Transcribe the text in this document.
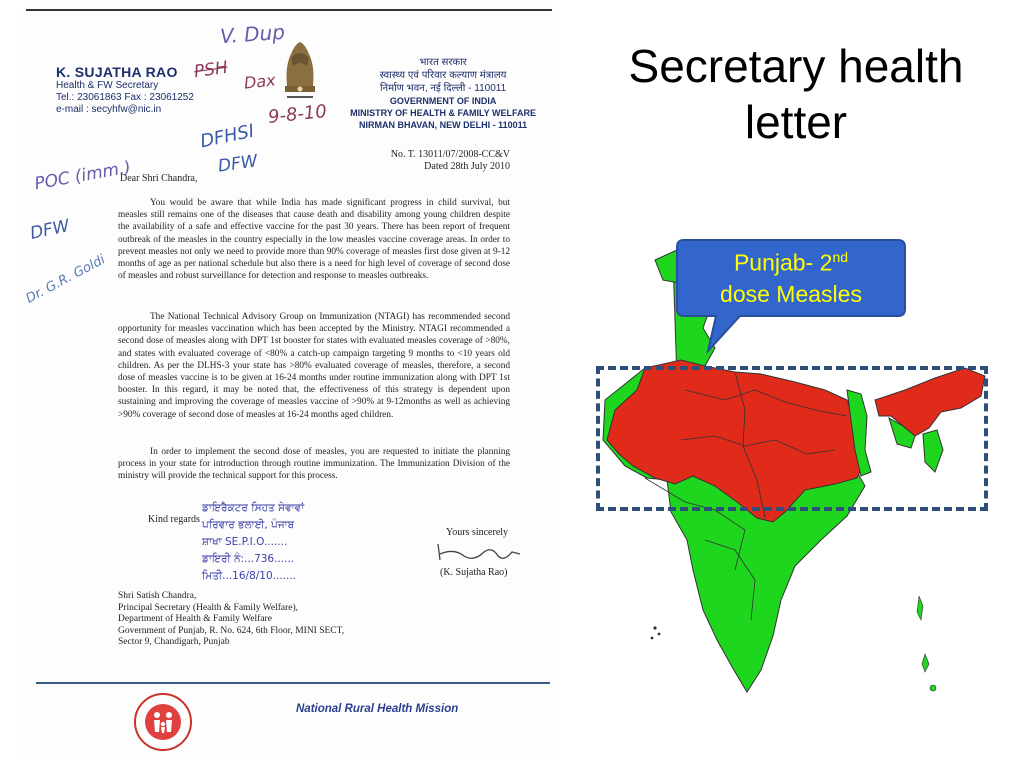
K. SUJATHA RAO
Health & FW Secretary
Tel.: 23061863 Fax : 23061252
e-mail : secyhfw@nic.in
भारत सरकार
स्वास्थ्य एवं परिवार कल्याण मंत्रालय
निर्माण भवन, नई दिल्ली - 110011
GOVERNMENT OF INDIA
MINISTRY OF HEALTH & FAMILY WELFARE
NIRMAN BHAVAN, NEW DELHI - 110011
No. T. 13011/07/2008-CC&V
Dated 28th July 2010
Dear Shri Chandra,
You would be aware that while India has made significant progress in child survival, but measles still remains one of the diseases that cause death and disability among young children despite the availability of a safe and effective vaccine for the past 30 years. There has been report of frequent outbreak of the measles in the country especially in the low measles vaccine coverage areas. In order to prevent measles not only we need to provide more than 90% coverage of measles first dose given at 9-12 months of age as per national schedule but also there is a need for high level of coverage of second dose of measles and robust surveillance for detection and response to measles outbreaks.
The National Technical Advisory Group on Immunization (NTAGI) has recommended second opportunity for measles vaccination which has been accepted by the Ministry. NTAGI recommended a second dose of measles along with DPT 1st booster for states with evaluated measles coverage of >80%, and states with evaluated coverage of <80% a catch-up campaign targeting 9 months to <10 years old children. As per the DLHS-3 your state has >80% evaluated coverage of measles, therefore, a second dose of measles vaccine is to be given at 16-24 months under routine immunization along with DPT 1st booster. In this regard, it may be noted that, the effectiveness of this strategy is dependent upon sustaining and improving the coverage of measles vaccine of >90% at 9-12months as well as achieving >90% coverage of second dose of measles at 16-24 months aged children.
In order to implement the second dose of measles, you are requested to initiate the planning process in your state for introduction through routine immunization. The Immunization Division of the ministry will provide the technical support for this process.
Kind regards
ਡਾਇਰੈਕਟਰ ਸਿਹਤ ਸੇਵਾਵਾਂ
ਪਰਿਵਾਰ ਭਲਾਈ, ਪੰਜਾਬ
ਸ਼ਾਖਾ SE.P.I.O.......
ਡਾਇਰੀ ਨੰ:...736......
ਮਿਤੀ...16/8/10.......
Yours sincerely
(K. Sujatha Rao)
Shri Satish Chandra,
Principal Secretary (Health & Family Welfare),
Department of Health & Family Welfare
Government of Punjab, R. No. 624, 6th Floor, MINI SECT,
Sector 9, Chandigarh, Punjab
V. Dup
PSH Dax
9-8-10
DFHSI
DFW
POC (imm.)
DFW
Dr. G.R. Goldi
National Rural Health Mission
Secretary health letter
Punjab- 2nd
dose Measles
